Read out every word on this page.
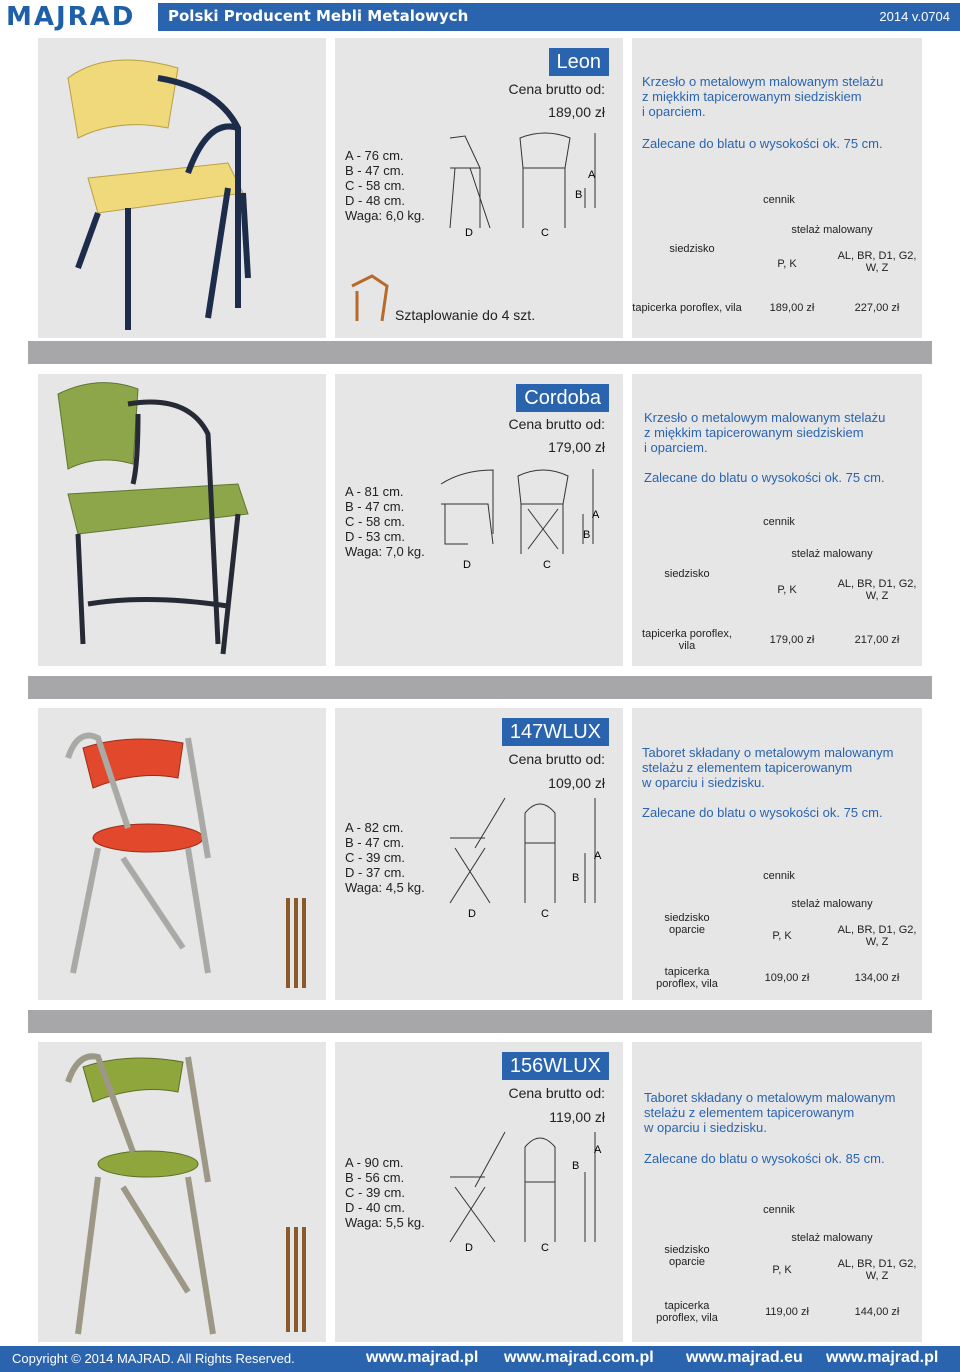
MAJRAD Polski Producent Mebli Metalowych	2014 v.0704
Leon
Cena brutto od:
189,00 zł
A - 76 cm.
B - 47 cm.
C - 58 cm.
D - 48 cm.
Waga: 6,0 kg.
D	C
B
A
Sztaplowanie do 4 szt.
Krzesło o metalowym malowanym stelażu
z miękkim tapicerowanym siedziskiem
i oparciem.
Zalecane do blatu o wysokości ok. 75 cm.
cennik
stelaż malowany
siedzisko
P, K
AL, BR, D1, G2,
W, Z
tapicerka poroflex, vila	189,00 zł	227,00 zł
Cordoba
Cena brutto od:
179,00 zł
A - 81 cm.
B - 47 cm.
C - 58 cm.
D - 53 cm.
Waga: 7,0 kg.
D	C
B
A
Krzesło o metalowym malowanym stelażu
z miękkim tapicerowanym siedziskiem
i oparciem.
Zalecane do blatu o wysokości ok. 75 cm.
cennik
stelaż malowany
siedzisko
P, K	AL, BR, D1, G2,
W, Z
tapicerka poroflex,
vila	179,00 zł	217,00 zł
147WLUX
Cena brutto od:
109,00 zł
A - 82 cm.
B - 47 cm.
C - 39 cm.
D - 37 cm.
Waga: 4,5 kg.
D	C
B
A
Taboret składany o metalowym malowanym
stelażu z elementem tapicerowanym
w oparciu i siedzisku.
Zalecane do blatu o wysokości ok. 75 cm.
cennik
stelaż malowany
siedzisko
oparcie	P, K	AL, BR, D1, G2,
W, Z
tapicerka
poroflex, vila	109,00 zł	134,00 zł
156WLUX
Cena brutto od:
119,00 zł
A - 90 cm.
B - 56 cm.
C - 39 cm.
D - 40 cm.
Waga: 5,5 kg.
D	C
B
A
Taboret składany o metalowym malowanym
stelażu z elementem tapicerowanym
w oparciu i siedzisku.
Zalecane do blatu o wysokości ok. 85 cm.
cennik
stelaż malowany
siedzisko
oparcie
P, K	AL, BR, D1, G2,
W, Z
tapicerka
poroflex, vila	119,00 zł	144,00 zł
Copyright © 2014 MAJRAD. All Rights Reserved.	www.majrad.pl www.majrad.com.pl www.majrad.eu www.majrad.pl
